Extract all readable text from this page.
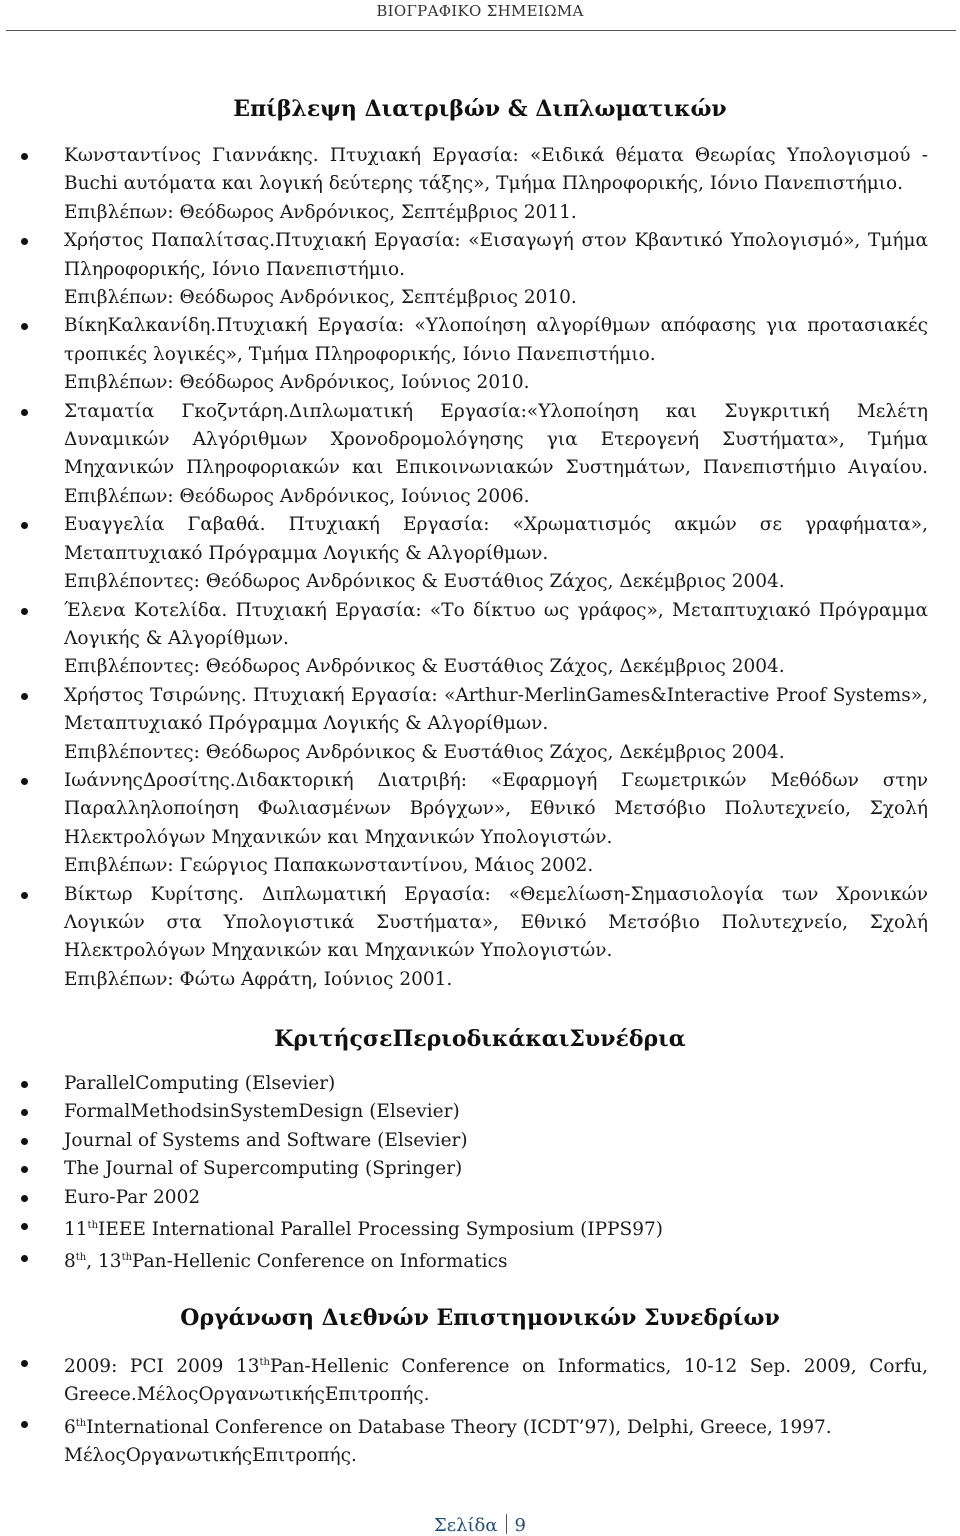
ΒΙΟΓΡΑΦΙΚΟ ΣΗΜΕΙΩΜΑ
Επίβλεψη Διατριβών & Διπλωματικών
Κωνσταντίνος Γιαννάκης. Πτυχιακή Εργασία: «Ειδικά θέματα Θεωρίας Υπολογισμού -
Buchi αυτόματα και λογική δεύτερης τάξης», Τμήμα Πληροφορικής, Ιόνιο Πανεπιστήμιο.
Επιβλέπων: Θεόδωρος Ανδρόνικος, Σεπτέμβριος 2011.
Χρήστος Παπαλίτσας.Πτυχιακή Εργασία: «Εισαγωγή στον Κβαντικό Υπολογισμό», Τμήμα
Πληροφορικής, Ιόνιο Πανεπιστήμιο.
Επιβλέπων: Θεόδωρος Ανδρόνικος, Σεπτέμβριος 2010.
ΒίκηΚαλκανίδη.Πτυχιακή Εργασία: «Υλοποίηση αλγορίθμων απόφασης για προτασιακές
τροπικές λογικές», Τμήμα Πληροφορικής, Ιόνιο Πανεπιστήμιο.
Επιβλέπων: Θεόδωρος Ανδρόνικος, Ιούνιος 2010.
Σταματία Γκοζντάρη.Διπλωματική Εργασία:«Υλοποίηση και Συγκριτική Μελέτη
Δυναμικών Αλγόριθμων Χρονοδρομολόγησης για Ετερογενή Συστήματα», Τμήμα
Μηχανικών Πληροφοριακών και Επικοινωνιακών Συστημάτων, Πανεπιστήμιο Αιγαίου.
Επιβλέπων: Θεόδωρος Ανδρόνικος, Ιούνιος 2006.
Ευαγγελία Γαβαθά. Πτυχιακή Εργασία: «Χρωματισμός ακμών σε γραφήματα»,
Μεταπτυχιακό Πρόγραμμα Λογικής & Αλγορίθμων.
Επιβλέποντες: Θεόδωρος Ανδρόνικος & Ευστάθιος Ζάχος, Δεκέμβριος 2004.
Έλενα Κοτελίδα. Πτυχιακή Εργασία: «Το δίκτυο ως γράφος», Μεταπτυχιακό Πρόγραμμα
Λογικής & Αλγορίθμων.
Επιβλέποντες: Θεόδωρος Ανδρόνικος & Ευστάθιος Ζάχος, Δεκέμβριος 2004.
Χρήστος Τσιρώνης. Πτυχιακή Εργασία: «Arthur-MerlinGames&Interactive Proof Systems»,
Μεταπτυχιακό Πρόγραμμα Λογικής & Αλγορίθμων.
Επιβλέποντες: Θεόδωρος Ανδρόνικος & Ευστάθιος Ζάχος, Δεκέμβριος 2004.
ΙωάννηςΔροσίτης.Διδακτορική Διατριβή: «Εφαρμογή Γεωμετρικών Μεθόδων στην
Παραλληλοποίηση Φωλιασμένων Βρόγχων», Εθνικό Μετσόβιο Πολυτεχνείο, Σχολή
Ηλεκτρολόγων Μηχανικών και Μηχανικών Υπολογιστών.
Επιβλέπων: Γεώργιος Παπακωνσταντίνου, Μάιος 2002.
Βίκτωρ Κυρίτσης. Διπλωματική Εργασία: «Θεμελίωση-Σημασιολογία των Χρονικών
Λογικών στα Υπολογιστικά Συστήματα», Εθνικό Μετσόβιο Πολυτεχνείο, Σχολή
Ηλεκτρολόγων Μηχανικών και Μηχανικών Υπολογιστών.
Επιβλέπων: Φώτω Αφράτη, Ιούνιος 2001.
ΚριτήςσεΠεριοδικάκαιΣυνέδρια
ParallelComputing (Elsevier)
FormalMethodsinSystemDesign (Elsevier)
Journal of Systems and Software (Elsevier)
The Journal of Supercomputing (Springer)
Euro-Par 2002
11thIEEE International Parallel Processing Symposium (IPPS97)
8th, 13thPan-Hellenic Conference on Informatics
Οργάνωση Διεθνών Επιστημονικών Συνεδρίων
2009: PCI 2009 13thPan-Hellenic Conference on Informatics, 10-12 Sep. 2009, Corfu,
Greece.ΜέλοςΟργανωτικήςΕπιτροπής.
6thInternational Conference on Database Theory (ICDT’97), Delphi, Greece, 1997.
ΜέλοςΟργανωτικήςΕπιτροπής.
Σελίδα 9
